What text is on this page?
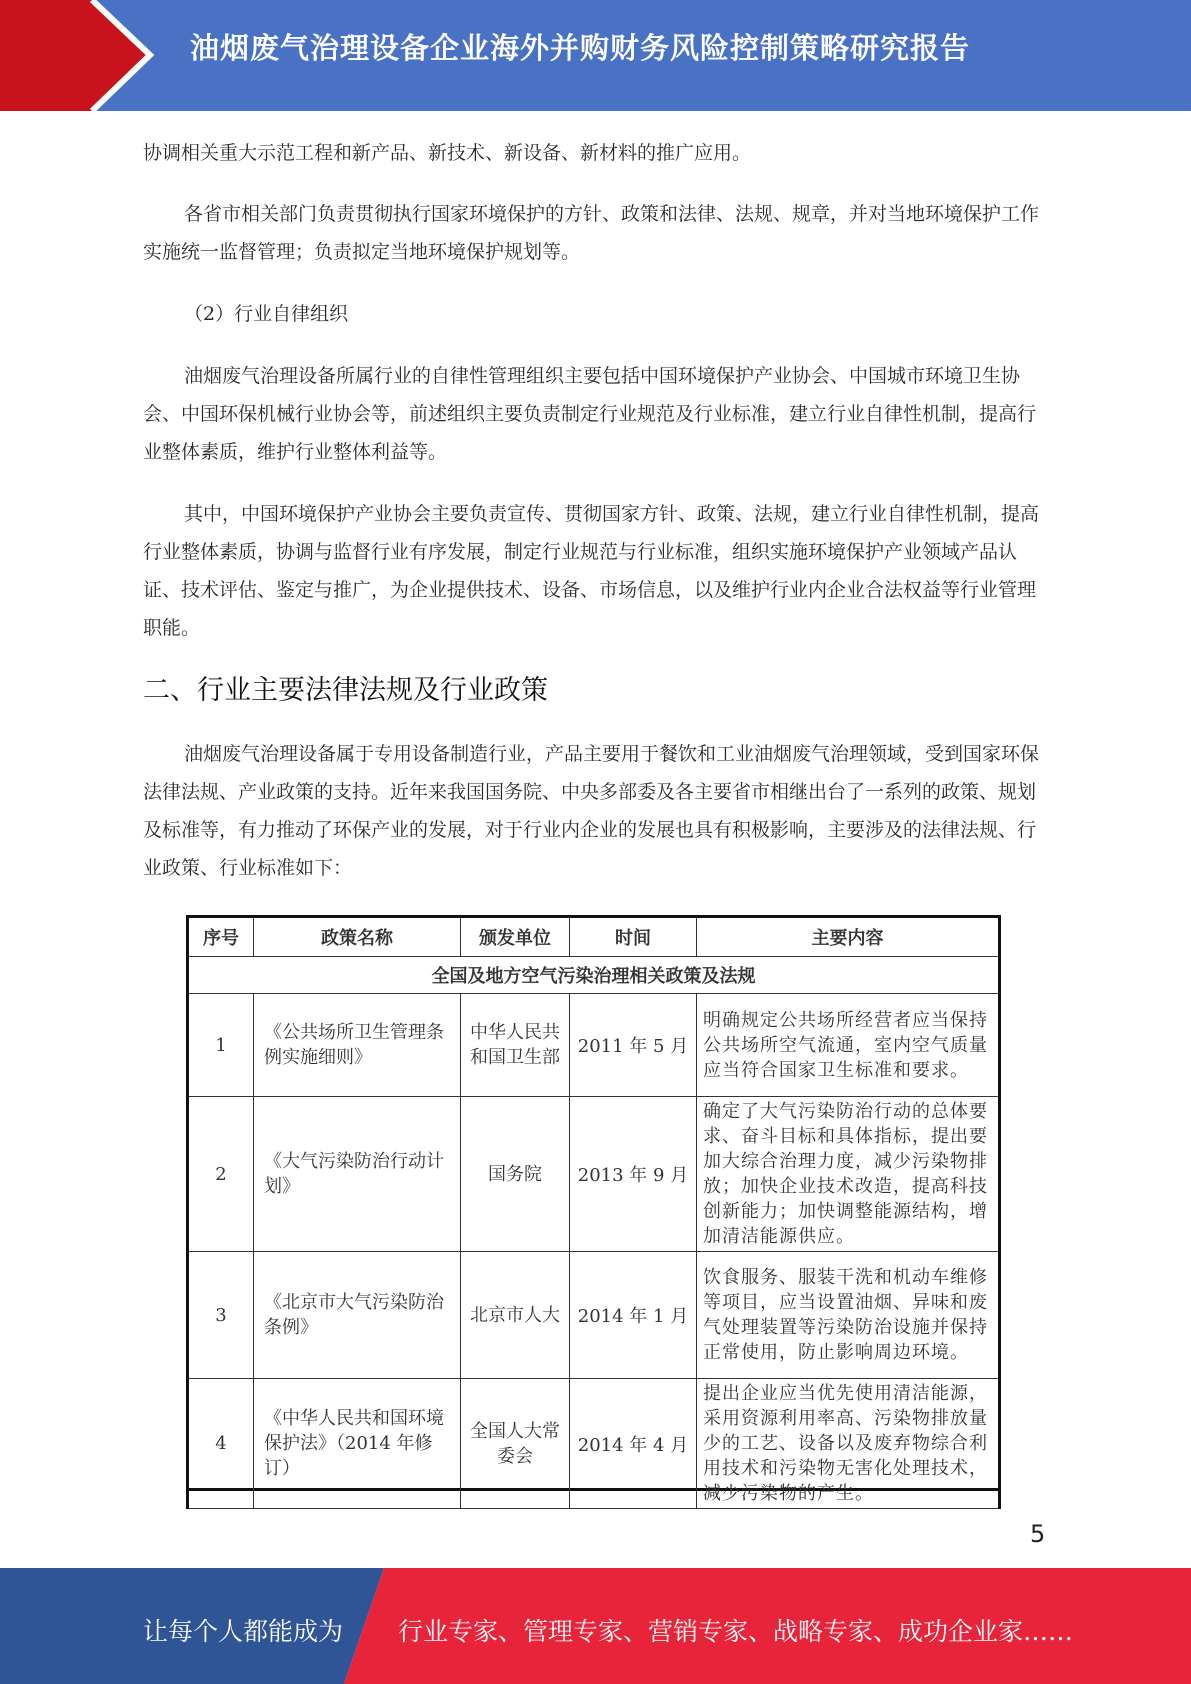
油烟废气治理设备企业海外并购财务风险控制策略研究报告
协调相关重大示范工程和新产品、新技术、新设备、新材料的推广应用。
各省市相关部门负责贯彻执行国家环境保护的方针、政策和法律、法规、规章，并对当地环境保护工作实施统一监督管理；负责拟定当地环境保护规划等。
（2）行业自律组织
油烟废气治理设备所属行业的自律性管理组织主要包括中国环境保护产业协会、中国城市环境卫生协会、中国环保机械行业协会等，前述组织主要负责制定行业规范及行业标准，建立行业自律性机制，提高行业整体素质，维护行业整体利益等。
其中，中国环境保护产业协会主要负责宣传、贯彻国家方针、政策、法规，建立行业自律性机制，提高行业整体素质，协调与监督行业有序发展，制定行业规范与行业标准，组织实施环境保护产业领域产品认证、技术评估、鉴定与推广，为企业提供技术、设备、市场信息，以及维护行业内企业合法权益等行业管理职能。
二、行业主要法律法规及行业政策
油烟废气治理设备属于专用设备制造行业，产品主要用于餐饮和工业油烟废气治理领域，受到国家环保法律法规、产业政策的支持。近年来我国国务院、中央多部委及各主要省市相继出台了一系列的政策、规划及标准等，有力推动了环保产业的发展，对于行业内企业的发展也具有积极影响，主要涉及的法律法规、行业政策、行业标准如下：
序号	政策名称	颁发单位	时间	主要内容
全国及地方空气污染治理相关政策及法规				
1	《公共场所卫生管理条例实施细则》	中华人民共和国卫生部	2011 年 5 月	明确规定公共场所经营者应当保持公共场所空气流通，室内空气质量应当符合国家卫生标准和要求。
2	《大气污染防治行动计划》	国务院	2013 年 9 月	确定了大气污染防治行动的总体要求、奋斗目标和具体指标，提出要加大综合治理力度，减少污染物排放；加快企业技术改造，提高科技创新能力；加快调整能源结构，增加清洁能源供应。
3	《北京市大气污染防治条例》	北京市人大	2014 年 1 月	饮食服务、服装干洗和机动车维修等项目，应当设置油烟、异味和废气处理装置等污染防治设施并保持正常使用，防止影响周边环境。
4	《中华人民共和国环境保护法》（2014 年修订）	全国人大常委会	2014 年 4 月	提出企业应当优先使用清洁能源，采用资源利用率高、污染物排放量少的工艺、设备以及废弃物综合利用技术和污染物无害化处理技术，减少污染物的产生。
5
让每个人都能成为 行业专家、管理专家、营销专家、战略专家、成功企业家……
